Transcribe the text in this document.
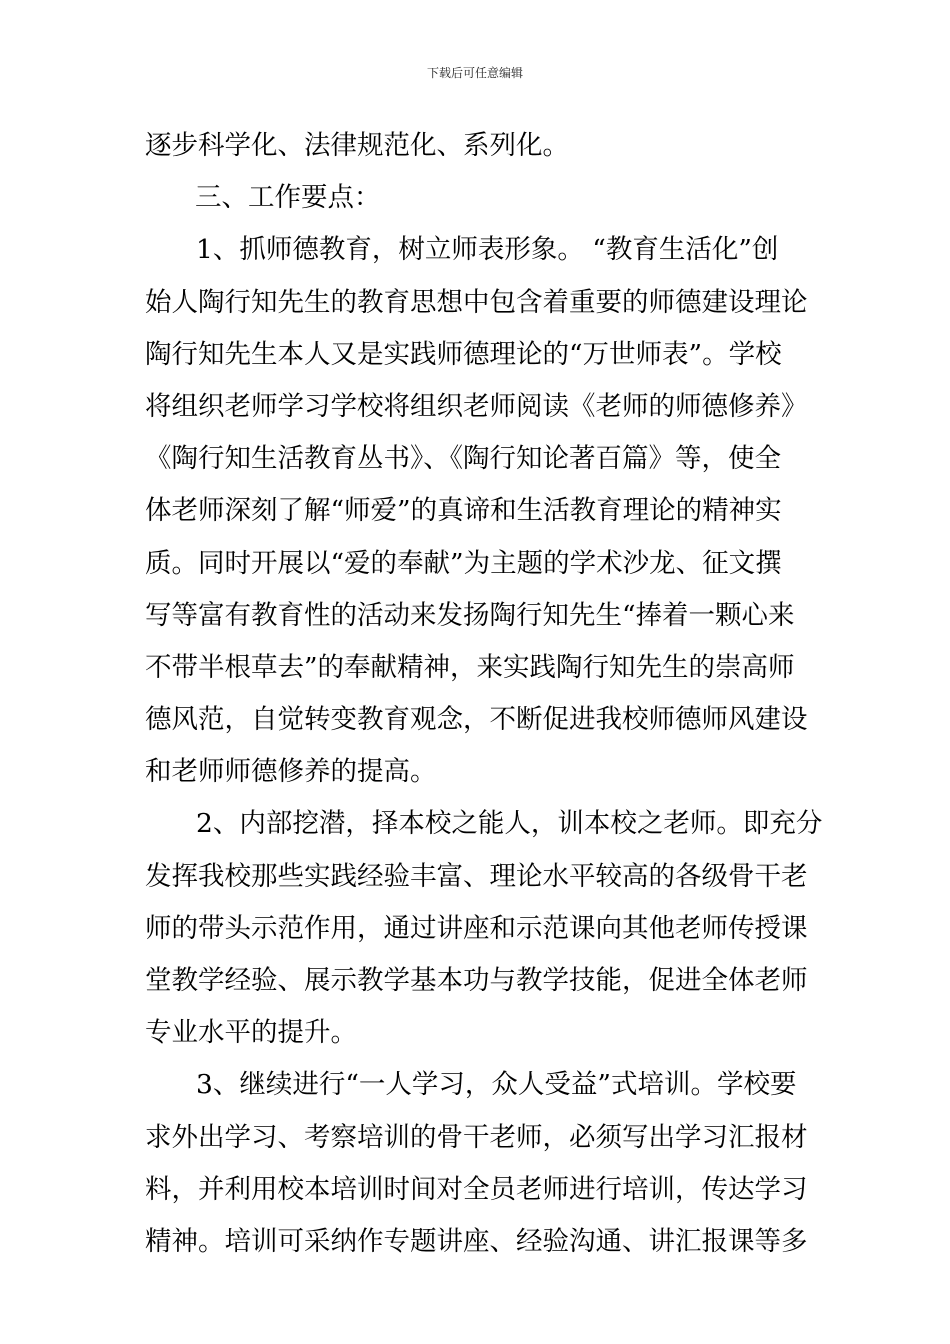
下载后可任意编辑
逐步科学化、法律规范化、系列化。
三、工作要点：
1、抓师德教育，树立师表形象。 “教育生活化”创
始人陶行知先生的教育思想中包含着重要的师德建设理论
陶行知先生本人又是实践师德理论的“万世师表”。学校
将组织老师学习学校将组织老师阅读《老师的师德修养》
《陶行知生活教育丛书》、《陶行知论著百篇》等，使全
体老师深刻了解“师爱”的真谛和生活教育理论的精神实
质。同时开展以“爱的奉献”为主题的学术沙龙、征文撰
写等富有教育性的活动来发扬陶行知先生“捧着一颗心来
不带半根草去”的奉献精神，来实践陶行知先生的崇高师
德风范，自觉转变教育观念，不断促进我校师德师风建设
和老师师德修养的提高。
2、内部挖潜，择本校之能人，训本校之老师。即充分
发挥我校那些实践经验丰富、理论水平较高的各级骨干老
师的带头示范作用，通过讲座和示范课向其他老师传授课
堂教学经验、展示教学基本功与教学技能，促进全体老师
专业水平的提升。
3、继续进行“一人学习，众人受益”式培训。学校要
求外出学习、考察培训的骨干老师，必须写出学习汇报材
料，并利用校本培训时间对全员老师进行培训，传达学习
精神。培训可采纳作专题讲座、经验沟通、讲汇报课等多
